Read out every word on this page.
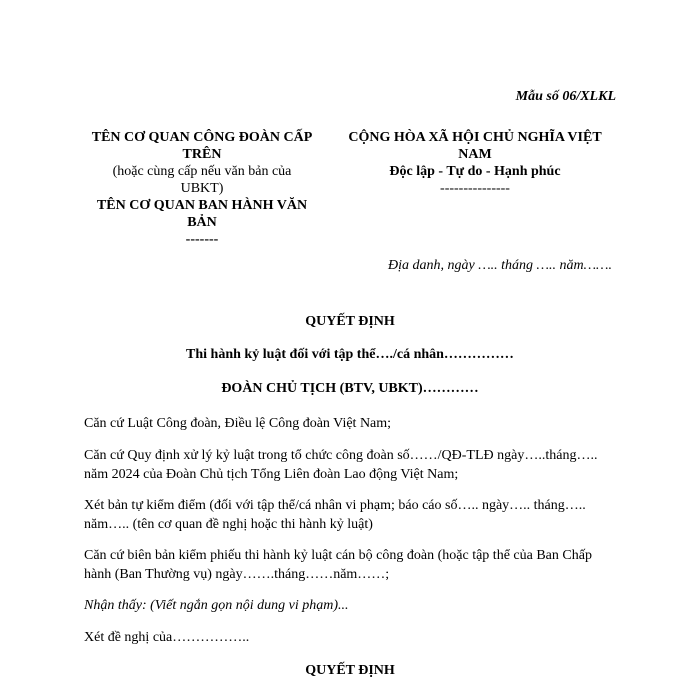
Mẫu số 06/XLKL
TÊN CƠ QUAN CÔNG ĐOÀN CẤP
TRÊN
(hoặc cùng cấp nếu văn bản của
UBKT)
TÊN CƠ QUAN BAN HÀNH VĂN
BẢN
-------
CỘNG HÒA XÃ HỘI CHỦ NGHĨA VIỆT
NAM
Độc lập - Tự do - Hạnh phúc
---------------
Địa danh, ngày ….. tháng ….. năm…….
QUYẾT ĐỊNH
Thi hành kỷ luật đối với tập thể…./cá nhân……………
ĐOÀN CHỦ TỊCH (BTV, UBKT)…………
Căn cứ Luật Công đoàn, Điều lệ Công đoàn Việt Nam;
Căn cứ Quy định xử lý kỷ luật trong tổ chức công đoàn số……/QĐ-TLĐ ngày…..tháng….. năm 2024 của Đoàn Chủ tịch Tổng Liên đoàn Lao động Việt Nam;
Xét bản tự kiểm điểm (đối với tập thể/cá nhân vi phạm; báo cáo số….. ngày….. tháng….. năm….. (tên cơ quan đề nghị hoặc thi hành kỷ luật)
Căn cứ biên bản kiểm phiếu thi hành kỷ luật cán bộ công đoàn (hoặc tập thể của Ban Chấp hành (Ban Thường vụ) ngày…….tháng……năm……;
Nhận thấy: (Viết ngắn gọn nội dung vi phạm)...
Xét đề nghị của……………..
QUYẾT ĐỊNH
